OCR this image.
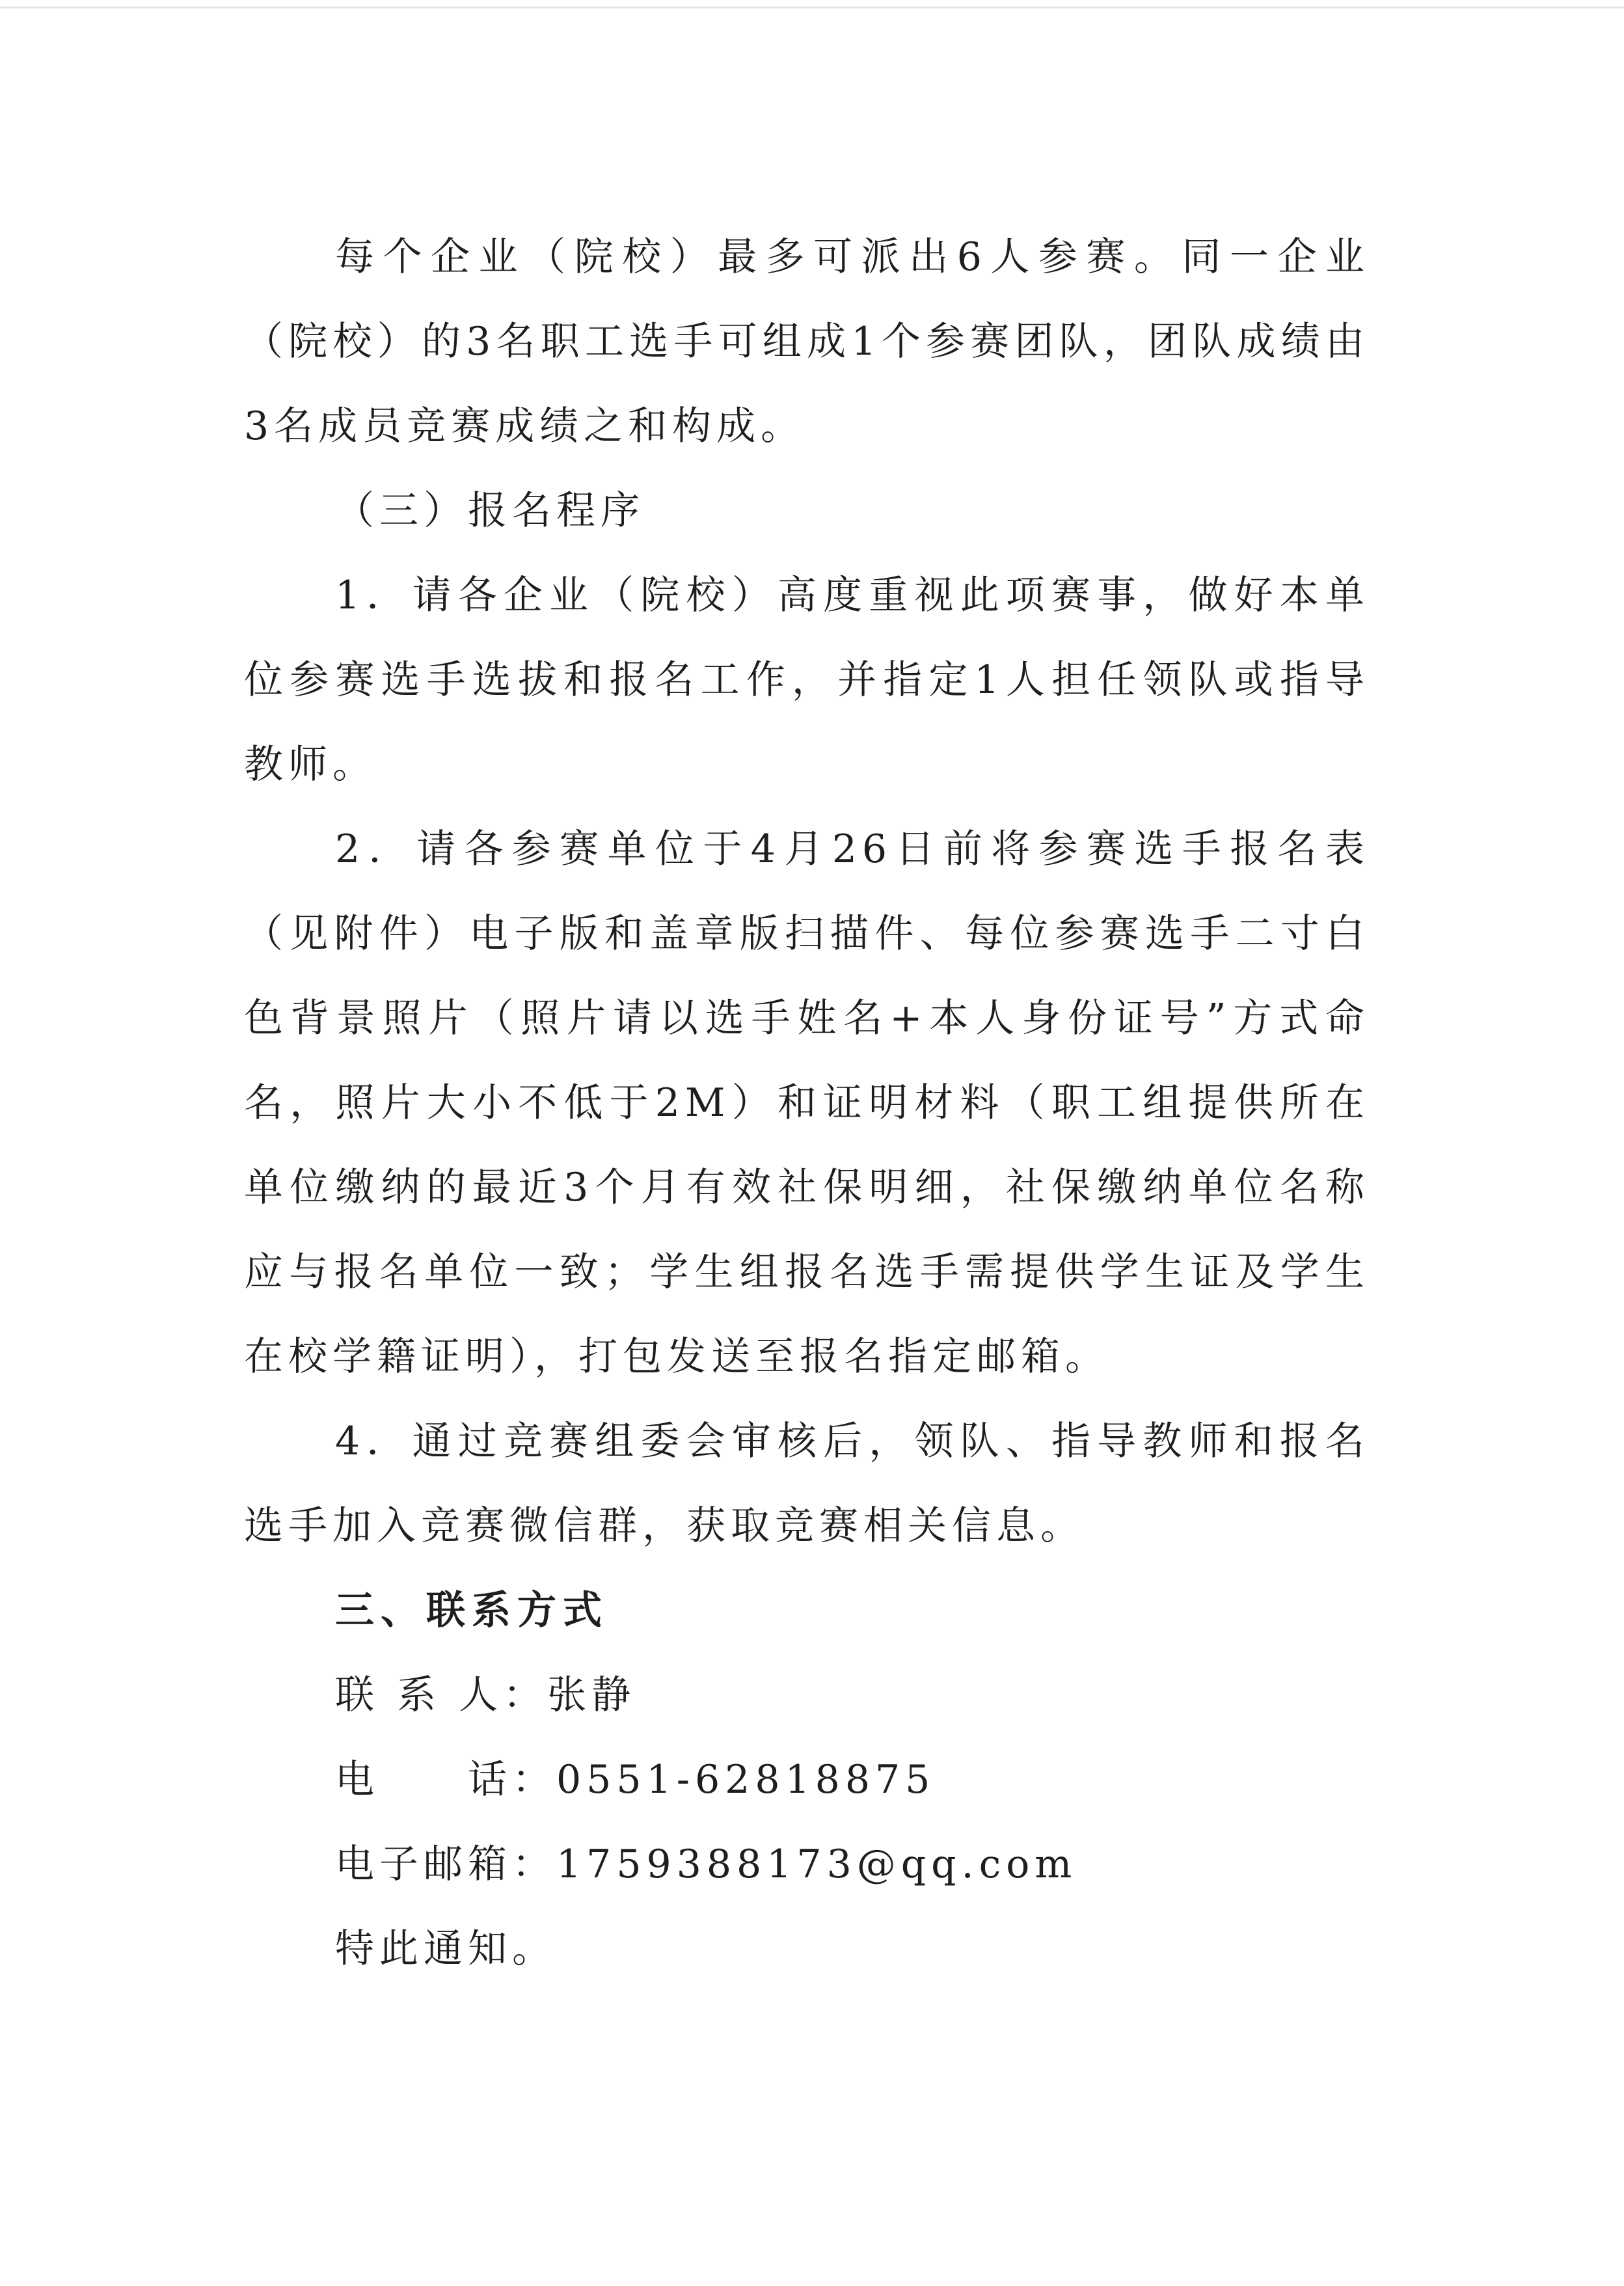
每个企业（院校）最多可派出6人参赛。同一企业（院校）的3名职工选手可组成1个参赛团队，团队成绩由3名成员竞赛成绩之和构成。

（三）报名程序

1．请各企业（院校）高度重视此项赛事，做好本单位参赛选手选拔和报名工作，并指定1人担任领队或指导教师。

2．请各参赛单位于4月26日前将参赛选手报名表（见附件）电子版和盖章版扫描件、每位参赛选手二寸白色背景照片（照片请以选手姓名+本人身份证号”方式命名，照片大小不低于2M）和证明材料（职工组提供所在单位缴纳的最近3个月有效社保明细，社保缴纳单位名称应与报名单位一致；学生组报名选手需提供学生证及学生在校学籍证明），打包发送至报名指定邮箱。

4．通过竞赛组委会审核后，领队、指导教师和报名选手加入竞赛微信群，获取竞赛相关信息。

三、联系方式

联 系 人：张静

电　　话：0551-62818875

电子邮箱：1759388173@qq.com

特此通知。
